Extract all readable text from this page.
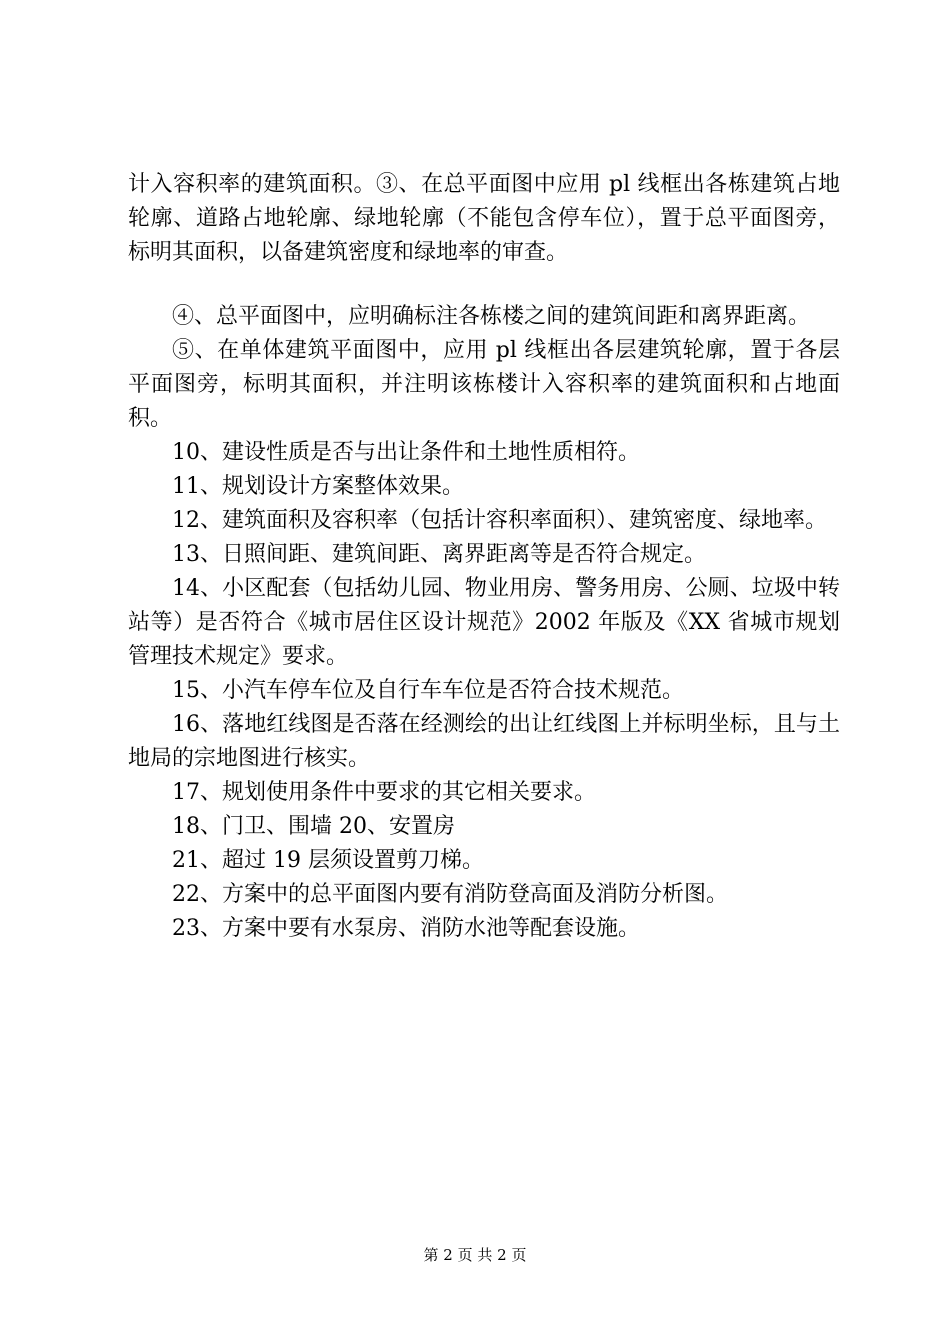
计入容积率的建筑面积。③、在总平面图中应用 pl 线框出各栋建筑占地轮廓、道路占地轮廓、绿地轮廓（不能包含停车位），置于总平面图旁，标明其面积，以备建筑密度和绿地率的审查。

④、总平面图中，应明确标注各栋楼之间的建筑间距和离界距离。

⑤、在单体建筑平面图中，应用 pl 线框出各层建筑轮廓，置于各层平面图旁，标明其面积，并注明该栋楼计入容积率的建筑面积和占地面积。

10、建设性质是否与出让条件和土地性质相符。

11、规划设计方案整体效果。

12、建筑面积及容积率（包括计容积率面积）、建筑密度、绿地率。

13、日照间距、建筑间距、离界距离等是否符合规定。

14、小区配套（包括幼儿园、物业用房、警务用房、公厕、垃圾中转站等）是否符合《城市居住区设计规范》2002 年版及《XX 省城市规划管理技术规定》要求。

15、小汽车停车位及自行车车位是否符合技术规范。

16、落地红线图是否落在经测绘的出让红线图上并标明坐标，且与土地局的宗地图进行核实。

17、规划使用条件中要求的其它相关要求。

18、门卫、围墙 20、安置房

21、超过 19 层须设置剪刀梯。

22、方案中的总平面图内要有消防登高面及消防分析图。

23、方案中要有水泵房、消防水池等配套设施。

第 2 页 共 2 页
